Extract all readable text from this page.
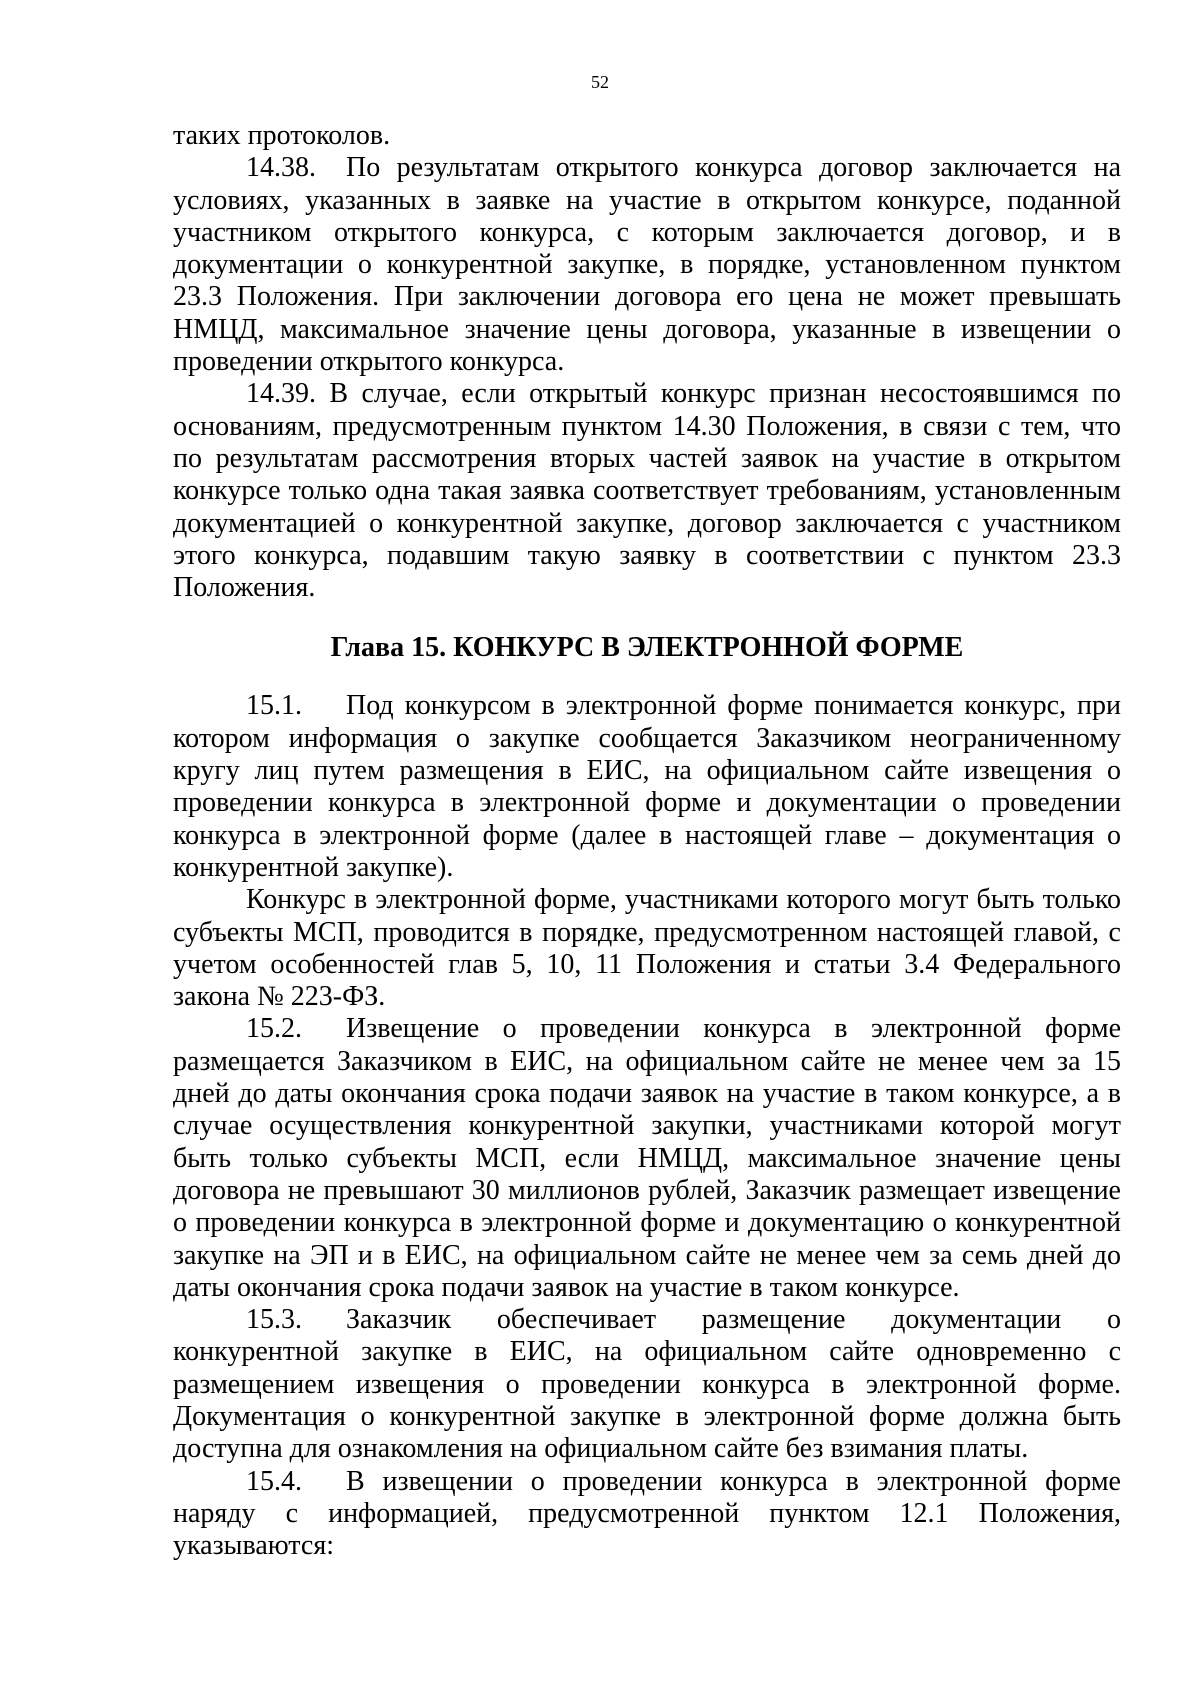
52

таких протоколов.

14.38. По результатам открытого конкурса договор заключается на условиях, указанных в заявке на участие в открытом конкурсе, поданной участником открытого конкурса, с которым заключается договор, и в документации о конкурентной закупке, в порядке, установленном пунктом 23.3 Положения. При заключении договора его цена не может превышать НМЦД, максимальное значение цены договора, указанные в извещении о проведении открытого конкурса.

14.39. В случае, если открытый конкурс признан несостоявшимся по основаниям, предусмотренным пунктом 14.30 Положения, в связи с тем, что по результатам рассмотрения вторых частей заявок на участие в открытом конкурсе только одна такая заявка соответствует требованиям, установленным документацией о конкурентной закупке, договор заключается с участником этого конкурса, подавшим такую заявку в соответствии с пунктом 23.3 Положения.

Глава 15. КОНКУРС В ЭЛЕКТРОННОЙ ФОРМЕ

15.1. Под конкурсом в электронной форме понимается конкурс, при котором информация о закупке сообщается Заказчиком неограниченному кругу лиц путем размещения в ЕИС, на официальном сайте извещения о проведении конкурса в электронной форме и документации о проведении конкурса в электронной форме (далее в настоящей главе – документация о конкурентной закупке).

Конкурс в электронной форме, участниками которого могут быть только субъекты МСП, проводится в порядке, предусмотренном настоящей главой, с учетом особенностей глав 5, 10, 11 Положения и статьи 3.4 Федерального закона № 223-ФЗ.

15.2. Извещение о проведении конкурса в электронной форме размещается Заказчиком в ЕИС, на официальном сайте не менее чем за 15 дней до даты окончания срока подачи заявок на участие в таком конкурсе, а в случае осуществления конкурентной закупки, участниками которой могут быть только субъекты МСП, если НМЦД, максимальное значение цены договора не превышают 30 миллионов рублей, Заказчик размещает извещение о проведении конкурса в электронной форме и документацию о конкурентной закупке на ЭП и в ЕИС, на официальном сайте не менее чем за семь дней до даты окончания срока подачи заявок на участие в таком конкурсе.

15.3. Заказчик обеспечивает размещение документации о конкурентной закупке в ЕИС, на официальном сайте одновременно с размещением извещения о проведении конкурса в электронной форме. Документация о конкурентной закупке в электронной форме должна быть доступна для ознакомления на официальном сайте без взимания платы.

15.4. В извещении о проведении конкурса в электронной форме наряду с информацией, предусмотренной пунктом 12.1 Положения, указываются:
